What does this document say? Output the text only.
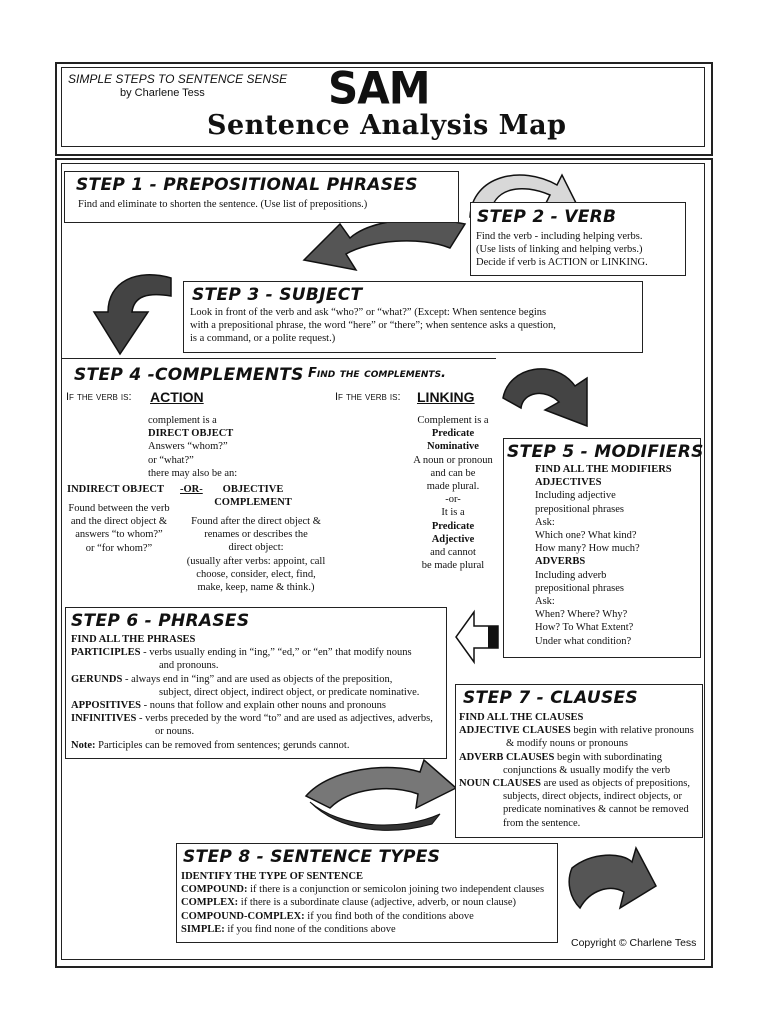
SIMPLE STEPS TO SENTENCE SENSE
by Charlene Tess	SAM
Sentence Analysis Map
STEP 1 - PREPOSITIONAL PHRASES
Find and eliminate to shorten the sentence. (Use list of prepositions.)
STEP 2 - VERB
Find the verb - including helping verbs.
(Use lists of linking and helping verbs.)
Decide if verb is ACTION or LINKING.
STEP 3 - SUBJECT
Look in front of the verb and ask “who?” or “what?” (Except: When sentence begins
with a prepositional phrase, the word “here” or “there”; when sentence asks a question,
is a command, or a polite request.)
STEP 4 -COMPLEMENTS Find the complements.
If the verb is: ACTION	If the verb is: LINKING
complement is a
DIRECT OBJECT
Answers “whom?”
or “what?”
there may also be an:
INDIRECT OBJECT -OR-	OBJECTIVE
COMPLEMENT
Found between the verb
and the direct object &
answers “to whom?”
or “for whom?”
Found after the direct object &
renames or describes the
direct object:
(usually after verbs: appoint, call
choose, consider, elect, find,
make, keep, name & think.)
Complement is a
Predicate
Nominative
A noun or pronoun
and can be
made plural.
-or-
It is a
Predicate
Adjective
and cannot
be made plural
STEP 5 - MODIFIERS
FIND ALL THE MODIFIERS
ADJECTIVES
Including adjective
prepositional phrases
Ask:
Which one? What kind?
How many? How much?
ADVERBS
Including adverb
prepositional phrases
Ask:
When? Where? Why?
How? To What Extent?
Under what condition?
STEP 6 - PHRASES
FIND ALL THE PHRASES
PARTICIPLES - verbs usually ending in “ing,” “ed,” or “en” that modify nouns
and pronouns.
GERUNDS - always end in “ing” and are used as objects of the preposition,
subject, direct object, indirect object, or predicate nominative.
APPOSITIVES - nouns that follow and explain other nouns and pronouns
INFINITIVES - verbs preceded by the word “to” and are used as adjectives, adverbs,
or nouns.
Note: Participles can be removed from sentences; gerunds cannot.
STEP 7 - CLAUSES
FIND ALL THE CLAUSES
ADJECTIVE CLAUSES begin with relative pronouns
& modify nouns or pronouns
ADVERB CLAUSES begin with subordinating
conjunctions & usually modify the verb
NOUN CLAUSES are used as objects of prepositions,
subjects, direct objects, indirect objects, or
predicate nominatives & cannot be removed
from the sentence.
STEP 8 - SENTENCE TYPES
IDENTIFY THE TYPE OF SENTENCE
COMPOUND: if there is a conjunction or semicolon joining two independent clauses
COMPLEX: if there is a subordinate clause (adjective, adverb, or noun clause)
COMPOUND-COMPLEX: if you find both of the conditions above
SIMPLE: if you find none of the conditions above
Copyright © Charlene Tess
